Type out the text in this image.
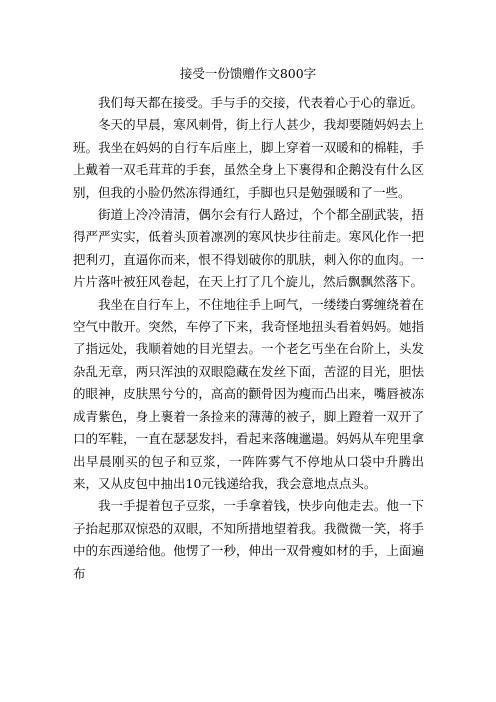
接受一份馈赠作文800字

我们每天都在接受。手与手的交接，代表着心于心的靠近。

冬天的早晨，寒风刺骨，街上行人甚少，我却要随妈妈去上班。我坐在妈妈的自行车后座上，脚上穿着一双暖和的棉鞋，手上戴着一双毛茸茸的手套，虽然全身上下裹得和企鹅没有什么区别，但我的小脸仍然冻得通红，手脚也只是勉强暖和了一些。

街道上冷冷清清，偶尔会有行人路过，个个都全副武装，捂得严严实实，低着头顶着凛冽的寒风快步往前走。寒风化作一把把利刃，直逼你而来，恨不得划破你的肌肤，刺入你的血肉。一片片落叶被狂风卷起，在天上打了几个旋儿，然后飘飘然落下。

我坐在自行车上，不住地往手上呵气，一缕缕白雾缠绕着在空气中散开。突然，车停了下来，我奇怪地扭头看着妈妈。她指了指远处，我顺着她的目光望去。一个老乞丐坐在台阶上，头发杂乱无章，两只浑浊的双眼隐藏在发丝下面，苦涩的目光，胆怯的眼神，皮肤黑兮兮的，高高的颧骨因为瘦而凸出来，嘴唇被冻成青紫色，身上裹着一条捡来的薄薄的被子，脚上蹬着一双开了口的军鞋，一直在瑟瑟发抖，看起来落魄邋遢。妈妈从车兜里拿出早晨刚买的包子和豆浆，一阵阵雾气不停地从口袋中升腾出来，又从皮包中抽出10元钱递给我，我会意地点点头。

我一手提着包子豆浆，一手拿着钱，快步向他走去。他一下子抬起那双惊恐的双眼，不知所措地望着我。我微微一笑，将手中的东西递给他。他愣了一秒，伸出一双骨瘦如材的手，上面遍布
